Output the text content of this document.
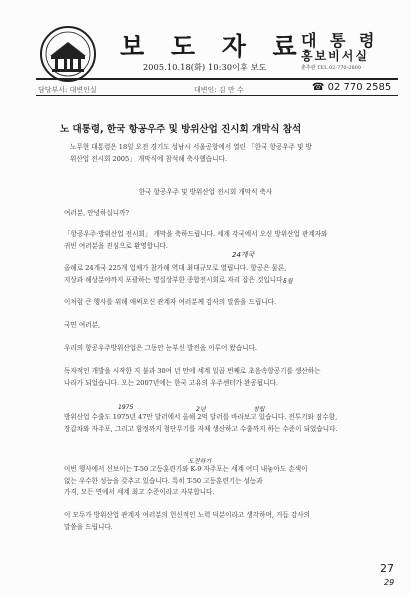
보 도 자 료
대 통 령
홍보비서실
2005.10.18(화) 10:30이후 보도	춘추관 TEL 02-770-2600
담당부서: 대변인실	대변인: 김 만 수	☎ 02 770 2585
노 대통령, 한국 항공우주 및 방위산업 진시회 개막식 참석

노무현 대통령은 18일 오전 경기도 성남시 서울공항에서 열린 「한국 항공우주 및 방
위산업 전시회 2005」 개막식에 참석해 축사했습니다.

한국 항공우주 및 방위산업 전시회 개막식 축사

여러분, 안녕하십니까?

「항공우주·방위산업 전시회」 개막을 축하드립니다. 세계 각국에서 오신 방위산업 관계자와
귀빈 여러분을 진심으로 환영합니다.

올해로 24개국 225개 업체가 참가해 역대 최대규모로 열립니다. 항공은 물론,
지상과 해상분야까지 포괄하는 명실상부한 종합전시회로 자리 잡은 것입니다.

이처럼 큰 행사를 위해 애써오신 관계자 여러분께 감사의 말씀을 드립니다.

국민 여러분,

우리의 항공우주방위산업은 그동안 눈부신 발전을 이루어 왔습니다.

독자적인 개발을 시작한 지 불과 30여 년 만에 세계 일곱 번째로 초음속항공기를 생산하는
나라가 되었습니다. 오는 2007년에는 한국 고유의 우주센터가 완공됩니다.

방위산업 수출도 1975년 47만 달러에서 올해 2억 달러를 바라보고 있습니다. 전투기와 잠수함,
장갑차와 자주포, 그리고 함정까지 첨단무기를 자체 생산하고 수출까지 하는 수준이 되었습니다.

이번 행사에서 선보이는 T-50 고등훈련기와 K-9 자주포는 세계 어디 내놓아도 손색이
없는 우수한 성능을 갖추고 있습니다. 특히 T-50 고등훈련기는 성능과
가격, 모든 면에서 세계 최고 수준이라고 자부합니다.

이 모두가 방위산업 관계자 여러분의 헌신적인 노력 덕분이라고 생각하며, 거듭 감사의
말씀을 드립니다.

24개국
5월
1975	2년	창립
도전하기
27
29
